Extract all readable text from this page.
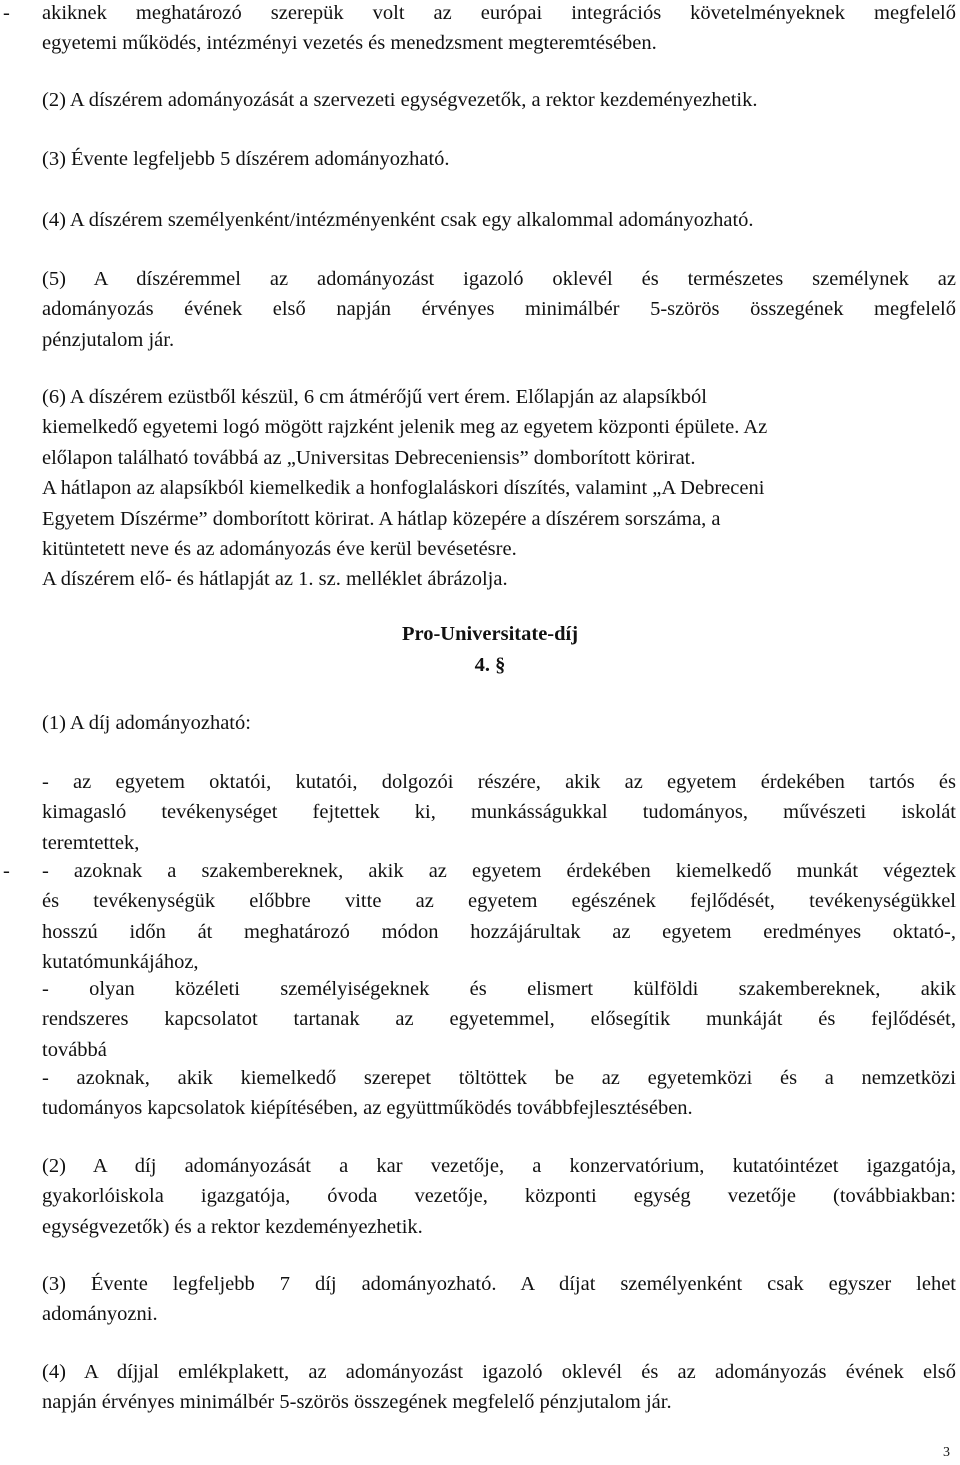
-	akiknek meghatározó szerepük volt az európai integrációs követelményeknek megfelelő
egyetemi működés, intézményi vezetés és menedzsment megteremtésében.

(2) A díszérem adományozását a szervezeti egységvezetők, a rektor kezdeményezhetik.

(3) Évente legfeljebb 5 díszérem adományozható.

(4) A díszérem személyenként/intézményenként csak egy alkalommal adományozható.

(5) A díszéremmel az adományozást igazoló oklevél és természetes személynek az
adományozás évének első napján érvényes minimálbér 5-szörös összegének megfelelő
pénzjutalom jár.
(6) A díszérem ezüstből készül, 6 cm átmérőjű vert érem. Előlapján az alapsíkból
kiemelkedő egyetemi logó mögött rajzként jelenik meg az egyetem központi épülete. Az
előlapon található továbbá az „Universitas Debreceniensis” domborított körirat.
A hátlapon az alapsíkból kiemelkedik a honfoglaláskori díszítés, valamint „A Debreceni
Egyetem Díszérme” domborított körirat. A hátlap közepére a díszérem sorszáma, a
kitüntetett neve és az adományozás éve kerül bevésetésre.
A díszérem elő- és hátlapját az 1. sz. melléklet ábrázolja.

Pro-Universitate-díj

4. §

(1) A díj adományozható:

- az egyetem oktatói, kutatói, dolgozói részére, akik az egyetem érdekében tartós és
kimagasló tevékenységet fejtettek ki, munkásságukkal tudományos, művészeti iskolát
teremtettek,

-	- azoknak a szakembereknek, akik az egyetem érdekében kiemelkedő munkát végeztek
és tevékenységük előbbre vitte az egyetem egészének fejlődését, tevékenységükkel
hosszú időn át meghatározó módon hozzájárultak az egyetem eredményes oktató-,
kutatómunkájához,
- olyan közéleti személyiségeknek és elismert külföldi szakembereknek, akik
rendszeres kapcsolatot tartanak az egyetemmel, elősegítik munkáját és fejlődését,
továbbá
- azoknak, akik kiemelkedő szerepet töltöttek be az egyetemközi és a nemzetközi
tudományos kapcsolatok kiépítésében, az együttműködés továbbfejlesztésében.
(2) A díj adományozását a kar vezetője, a konzervatórium, kutatóintézet igazgatója,
gyakorlóiskola igazgatója, óvoda vezetője, központi egység vezetője (továbbiakban:
egységvezetők) és a rektor kezdeményezhetik.
(3) Évente legfeljebb 7 díj adományozható. A díjat személyenként csak egyszer lehet
adományozni.
(4) A díjjal emlékplakett, az adományozást igazoló oklevél és az adományozás évének első
napján érvényes minimálbér 5-szörös összegének megfelelő pénzjutalom jár.

3
